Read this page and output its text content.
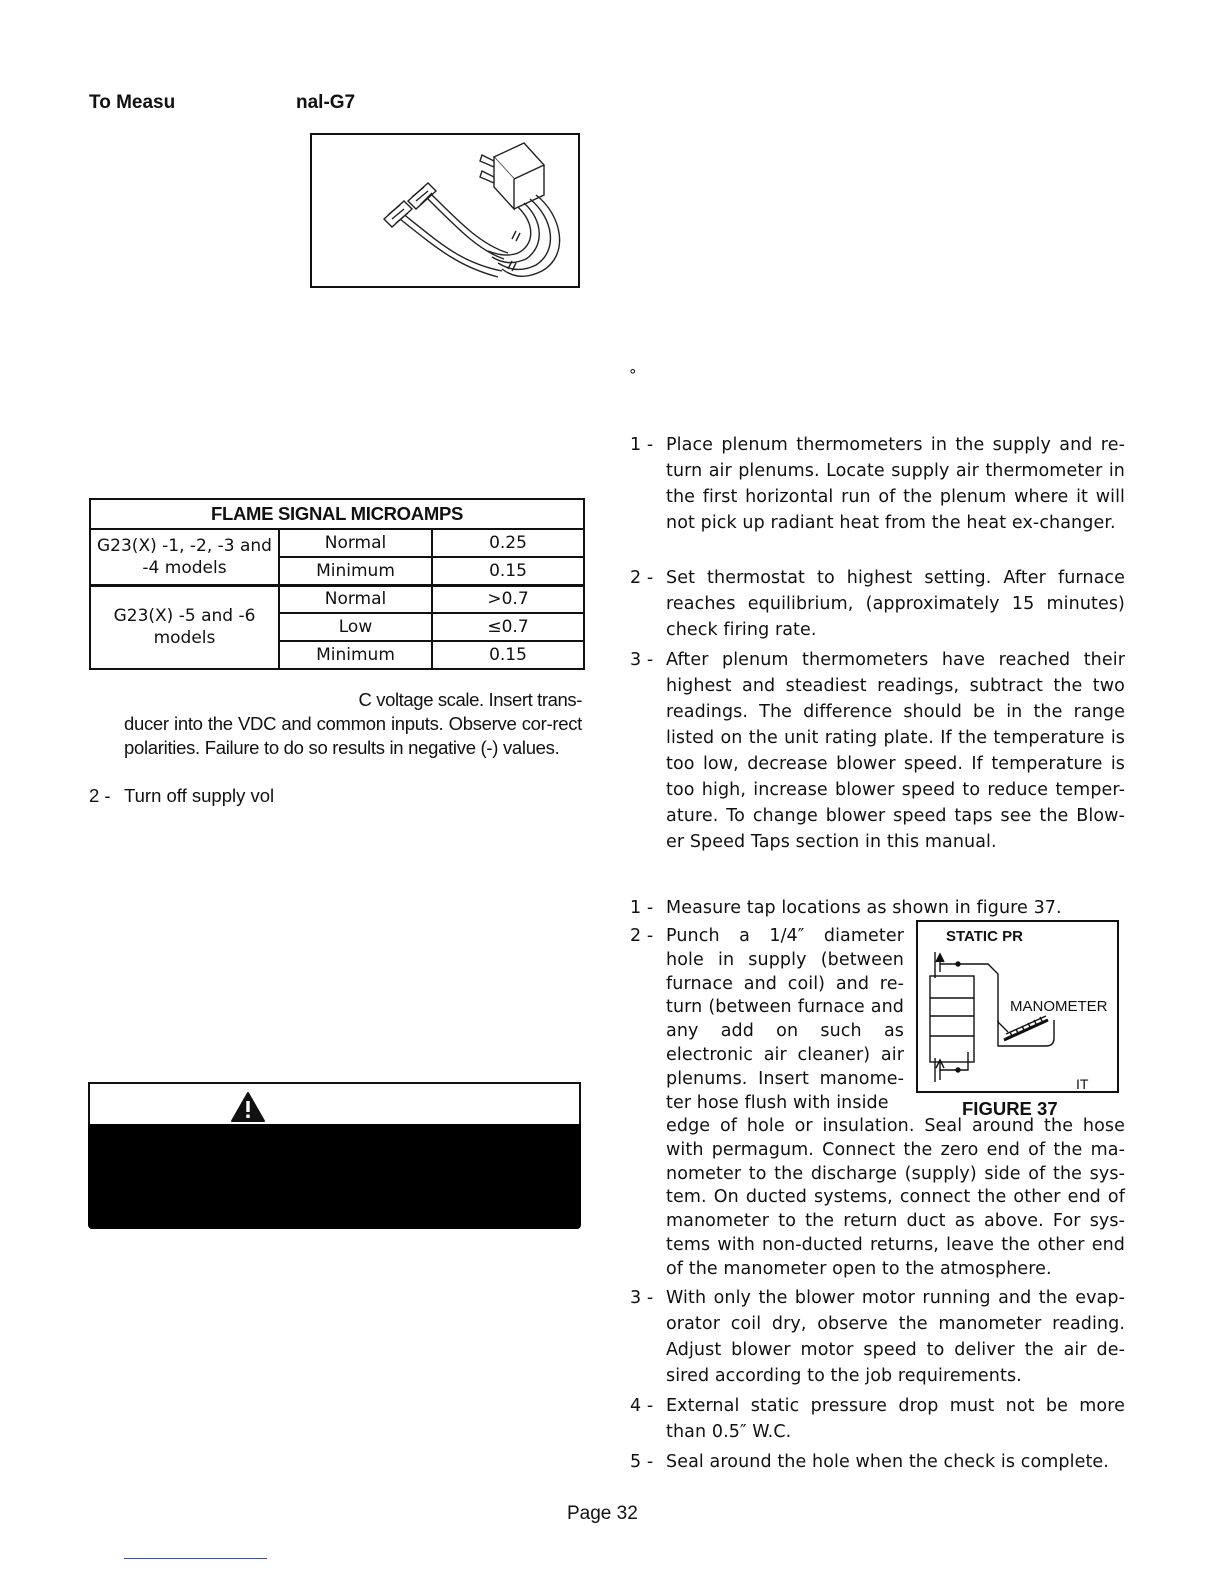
To Measu	nal-G7
FLAME SIGNAL MICROAMPS		
G23(X) -1, -2, -3 and -4 models	Normal	0.25
	Minimum	0.15
G23(X) -5 and -6 models	Normal	>0.7
	Low	≤0.7
	Minimum	0.15
C voltage scale. Insert trans-
ducer into the VDC and common inputs. Observe cor-rect polarities. Failure to do so results in negative (-) values.
2 - Turn off supply vol
°
1 - Place plenum thermometers in the supply and re-turn air plenums. Locate supply air thermometer in the first horizontal run of the plenum where it will not pick up radiant heat from the heat ex-changer.
2 - Set thermostat to highest setting. After furnace reaches equilibrium, (approximately 15 minutes) check firing rate.
3 - After plenum thermometers have reached their highest and steadiest readings, subtract the two readings. The difference should be in the range listed on the unit rating plate. If the temperature is too low, decrease blower speed. If temperature is too high, increase blower speed to reduce temper-ature. To change blower speed taps see the Blow-er Speed Taps section in this manual.
1 - Measure tap locations as shown in figure 37.
2 - Punch a 1/4″ diameter hole in supply (between furnace and coil) and re-turn (between furnace and any add on such as electronic air cleaner) air plenums. Insert manome-ter hose flush with inside
edge of hole or insulation. Seal around the hose with permagum. Connect the zero end of the ma-nometer to the discharge (supply) side of the sys-tem. On ducted systems, connect the other end of manometer to the return duct as above. For sys-tems with non-ducted returns, leave the other end of the manometer open to the atmosphere.
STATIC PR
MANOMETER
IT
FIGURE 37
3 - With only the blower motor running and the evap-orator coil dry, observe the manometer reading. Adjust blower motor speed to deliver the air de-sired according to the job requirements.
4 - External static pressure drop must not be more than 0.5″ W.C.
5 - Seal around the hole when the check is complete.
Page 32
